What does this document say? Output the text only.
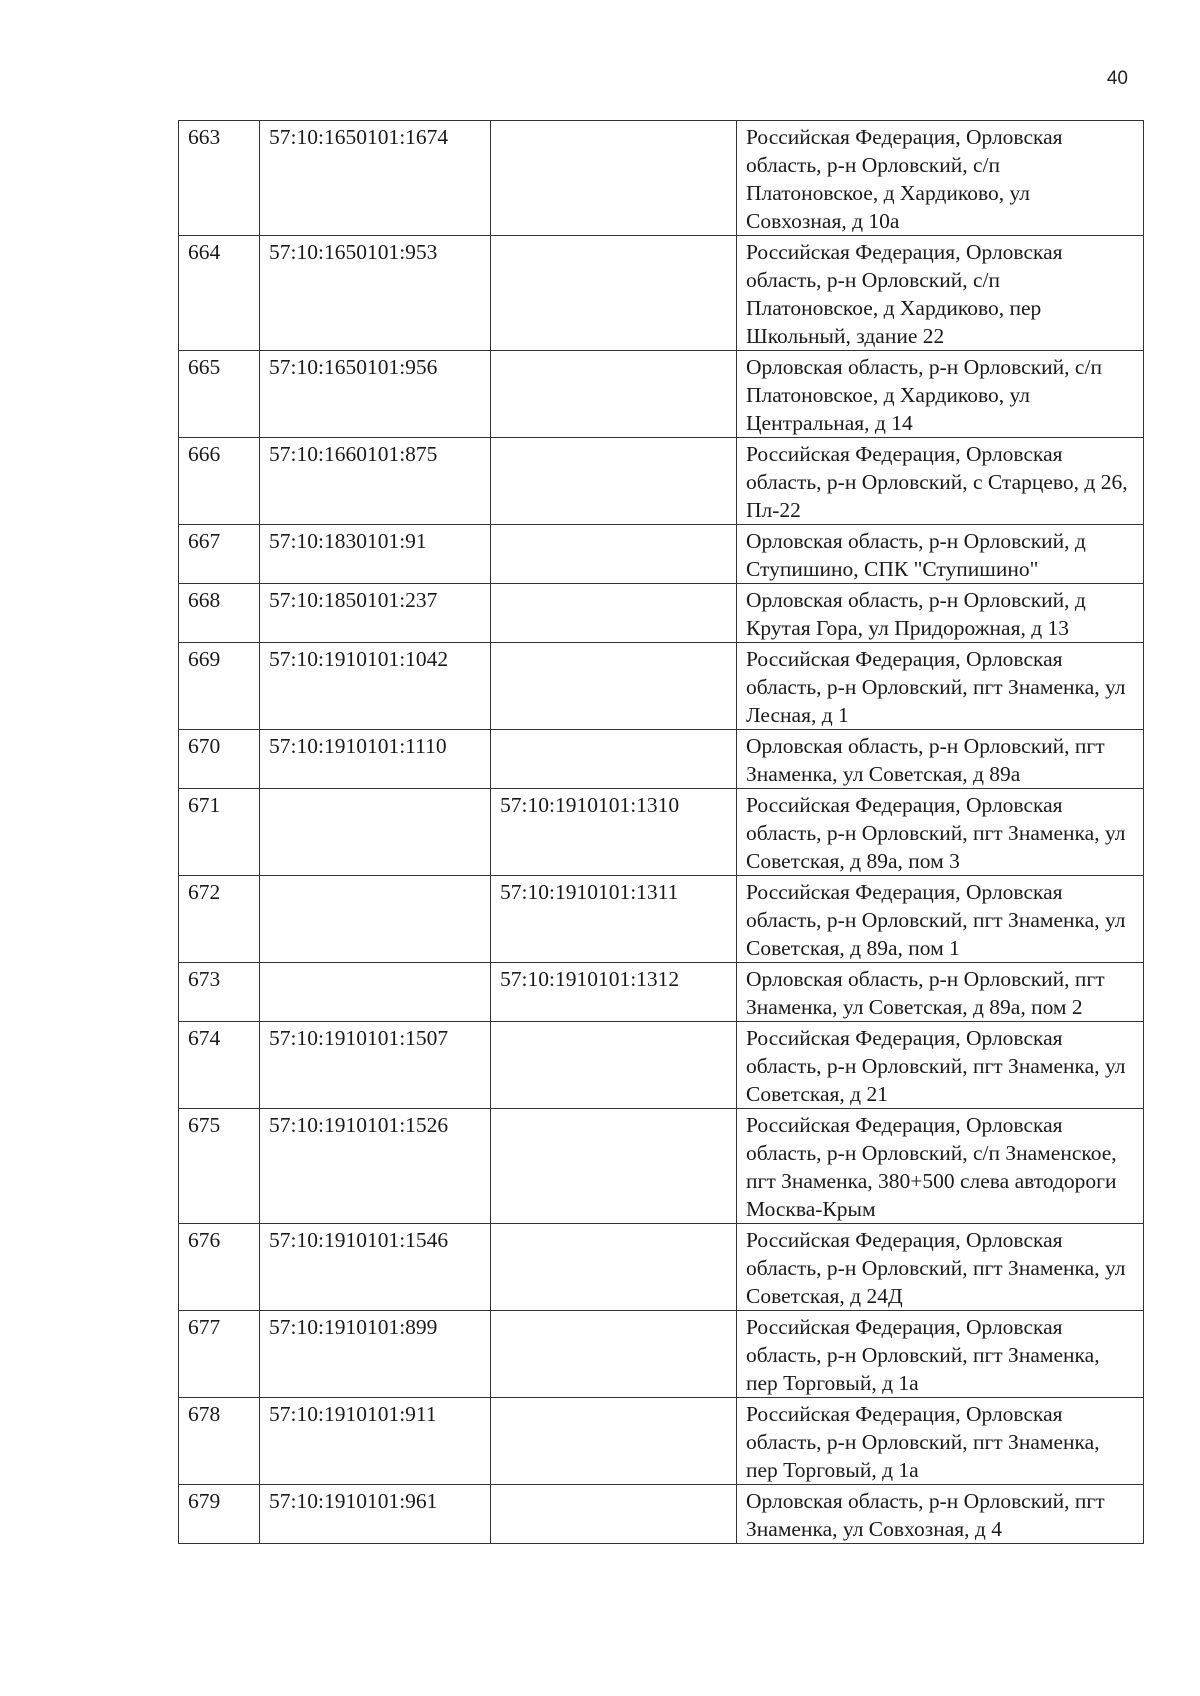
40
663	57:10:1650101:1674		Российская Федерация, Орловская область, р-н Орловский, с/п Платоновское, д Хардиково, ул Совхозная, д 10а
664	57:10:1650101:953		Российская Федерация, Орловская область, р-н Орловский, с/п Платоновское, д Хардиково, пер Школьный, здание 22
665	57:10:1650101:956		Орловская область, р-н Орловский, с/п Платоновское, д Хардиково, ул Центральная, д 14
666	57:10:1660101:875		Российская Федерация, Орловская область, р-н Орловский, с Старцево, д 26, Пл-22
667	57:10:1830101:91		Орловская область, р-н Орловский, д Ступишино, СПК "Ступишино"
668	57:10:1850101:237		Орловская область, р-н Орловский, д Крутая Гора, ул Придорожная, д 13
669	57:10:1910101:1042		Российская Федерация, Орловская область, р-н Орловский, пгт Знаменка, ул Лесная, д 1
670	57:10:1910101:1110		Орловская область, р-н Орловский, пгт Знаменка, ул Советская, д 89а
671		57:10:1910101:1310	Российская Федерация, Орловская область, р-н Орловский, пгт Знаменка, ул Советская, д 89а, пом 3
672		57:10:1910101:1311	Российская Федерация, Орловская область, р-н Орловский, пгт Знаменка, ул Советская, д 89а, пом 1
673		57:10:1910101:1312	Орловская область, р-н Орловский, пгт Знаменка, ул Советская, д 89а, пом 2
674	57:10:1910101:1507		Российская Федерация, Орловская область, р-н Орловский, пгт Знаменка, ул Советская, д 21
675	57:10:1910101:1526		Российская Федерация, Орловская область, р-н Орловский, с/п Знаменское, пгт Знаменка, 380+500 слева автодороги Москва-Крым
676	57:10:1910101:1546		Российская Федерация, Орловская область, р-н Орловский, пгт Знаменка, ул Советская, д 24Д
677	57:10:1910101:899		Российская Федерация, Орловская область, р-н Орловский, пгт Знаменка, пер Торговый, д 1а
678	57:10:1910101:911		Российская Федерация, Орловская область, р-н Орловский, пгт Знаменка, пер Торговый, д 1а
679	57:10:1910101:961		Орловская область, р-н Орловский, пгт Знаменка, ул Совхозная, д 4
